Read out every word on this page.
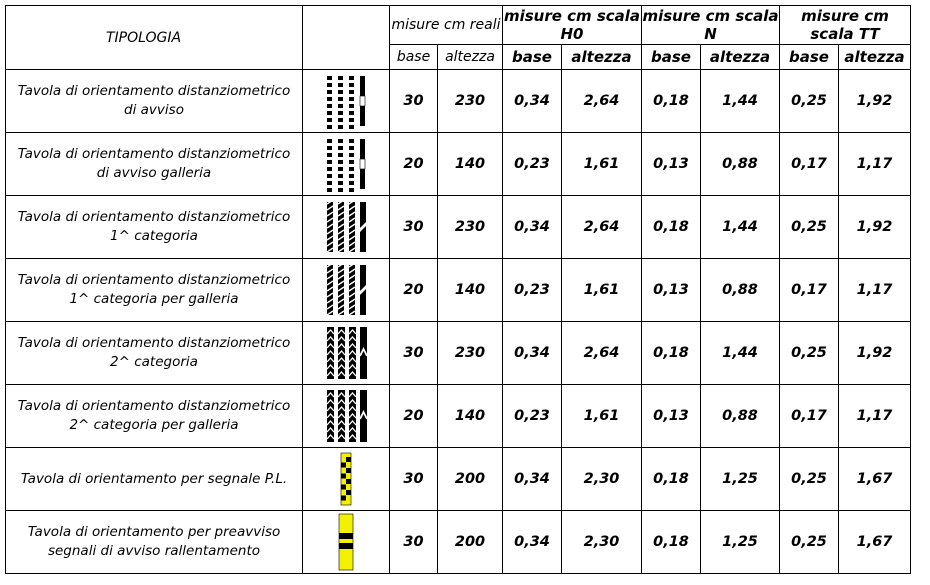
TIPOLOGIA		misure cm reali		misure cm scala H0		misure cm scala N		misure cm scala TT	
		base	altezza	base	altezza	base	altezza	base	altezza
Tavola di orientamento distanziometrico di avviso		30	230	0,34	2,64	0,18	1,44	0,25	1,92
Tavola di orientamento distanziometrico di avviso galleria		20	140	0,23	1,61	0,13	0,88	0,17	1,17
Tavola di orientamento distanziometrico 1^ categoria		30	230	0,34	2,64	0,18	1,44	0,25	1,92
Tavola di orientamento distanziometrico 1^ categoria per galleria		20	140	0,23	1,61	0,13	0,88	0,17	1,17
Tavola di orientamento distanziometrico 2^ categoria		30	230	0,34	2,64	0,18	1,44	0,25	1,92
Tavola di orientamento distanziometrico 2^ categoria per galleria		20	140	0,23	1,61	0,13	0,88	0,17	1,17
Tavola di orientamento per segnale P.L.		30	200	0,34	2,30	0,18	1,25	0,25	1,67
Tavola di orientamento per preavviso segnali di avviso rallentamento		30	200	0,34	2,30	0,18	1,25	0,25	1,67
